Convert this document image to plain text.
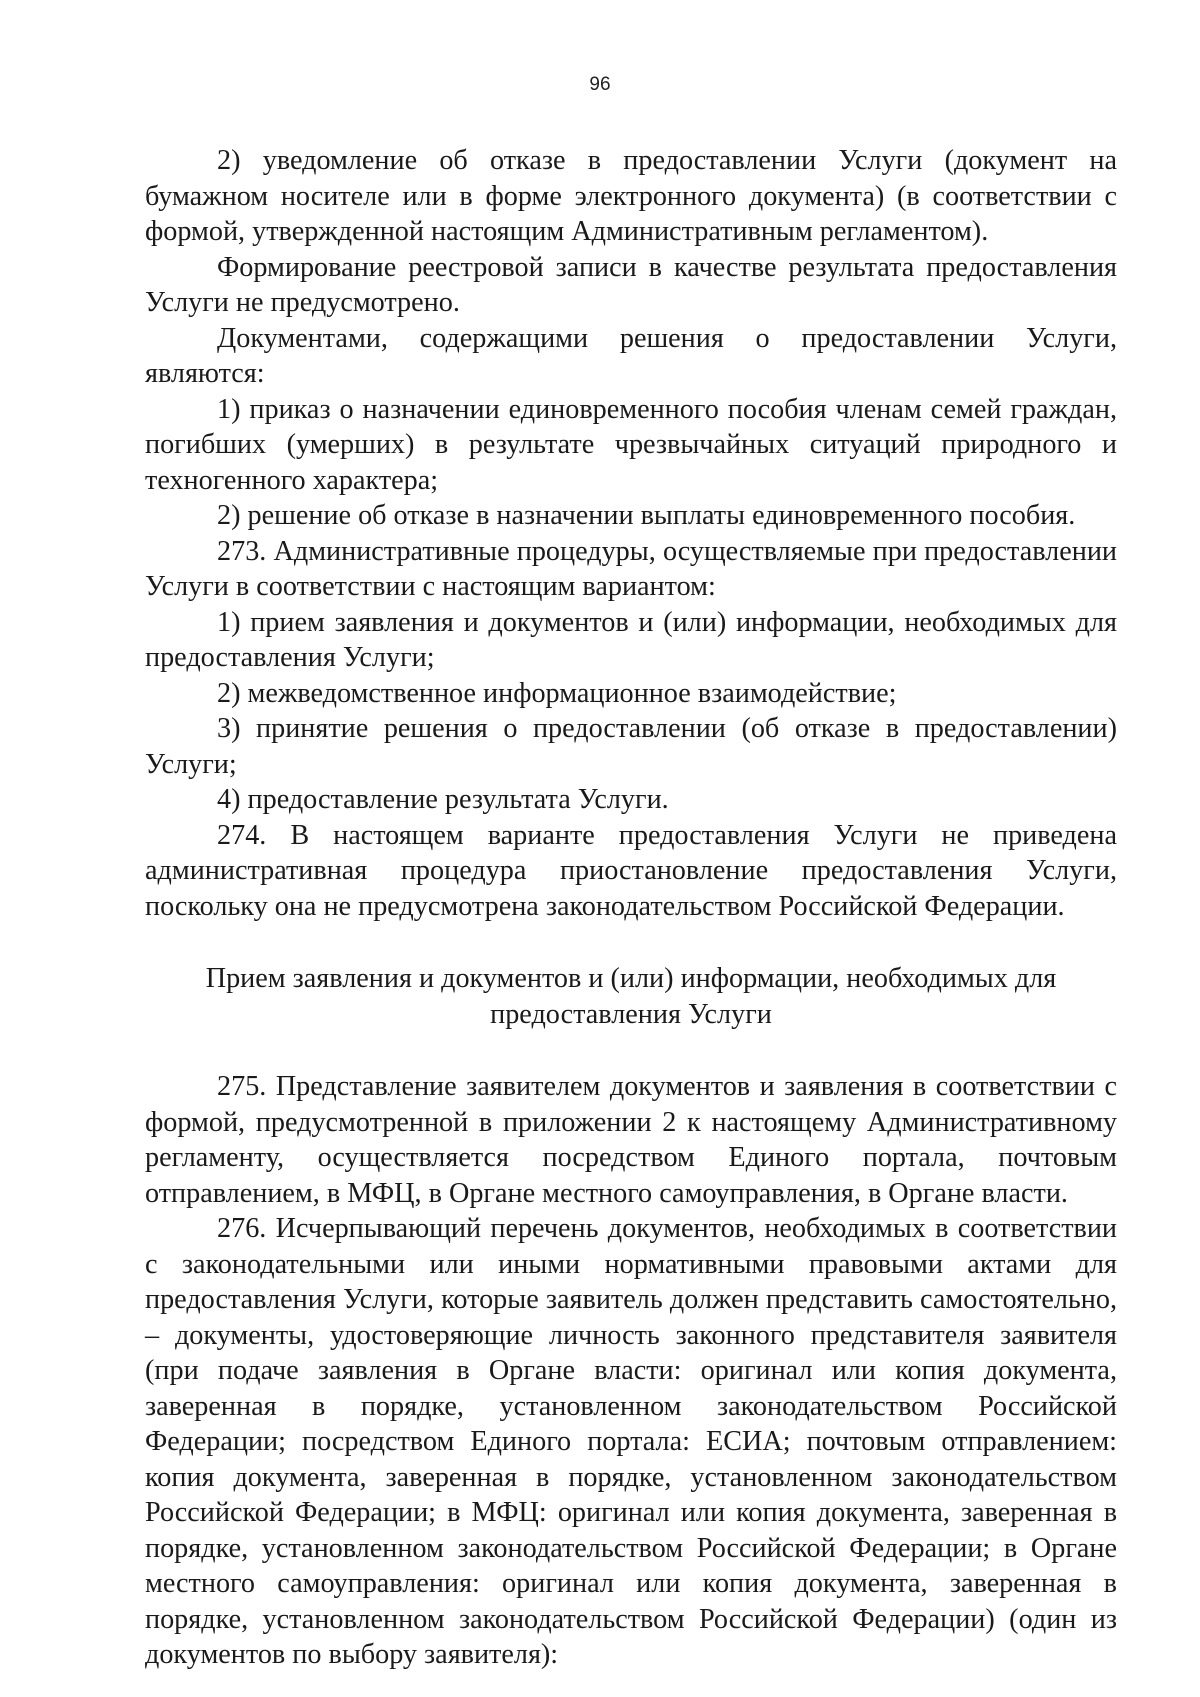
96

2) уведомление об отказе в предоставлении Услуги (документ на бумажном носителе или в форме электронного документа) (в соответствии с формой, утвержденной настоящим Административным регламентом).

Формирование реестровой записи в качестве результата предоставления Услуги не предусмотрено.

Документами, содержащими решения о предоставлении Услуги, являются:

1) приказ о назначении единовременного пособия членам семей граждан, погибших (умерших) в результате чрезвычайных ситуаций природного и техногенного характера;

2) решение об отказе в назначении выплаты единовременного пособия.

273. Административные процедуры, осуществляемые при предоставлении Услуги в соответствии с настоящим вариантом:

1) прием заявления и документов и (или) информации, необходимых для предоставления Услуги;

2) межведомственное информационное взаимодействие;

3) принятие решения о предоставлении (об отказе в предоставлении) Услуги;

4) предоставление результата Услуги.

274. В настоящем варианте предоставления Услуги не приведена административная процедура приостановление предоставления Услуги, поскольку она не предусмотрена законодательством Российской Федерации.

Прием заявления и документов и (или) информации, необходимых для предоставления Услуги

275. Представление заявителем документов и заявления в соответствии с формой, предусмотренной в приложении 2 к настоящему Административному регламенту, осуществляется посредством Единого портала, почтовым отправлением, в МФЦ, в Органе местного самоуправления, в Органе власти.

276. Исчерпывающий перечень документов, необходимых в соответствии с законодательными или иными нормативными правовыми актами для предоставления Услуги, которые заявитель должен представить самостоятельно, – документы, удостоверяющие личность законного представителя заявителя (при подаче заявления в Органе власти: оригинал или копия документа, заверенная в порядке, установленном законодательством Российской Федерации; посредством Единого портала: ЕСИА; почтовым отправлением: копия документа, заверенная в порядке, установленном законодательством Российской Федерации; в МФЦ: оригинал или копия документа, заверенная в порядке, установленном законодательством Российской Федерации; в Органе местного самоуправления: оригинал или копия документа, заверенная в порядке, установленном законодательством Российской Федерации) (один из документов по выбору заявителя):
